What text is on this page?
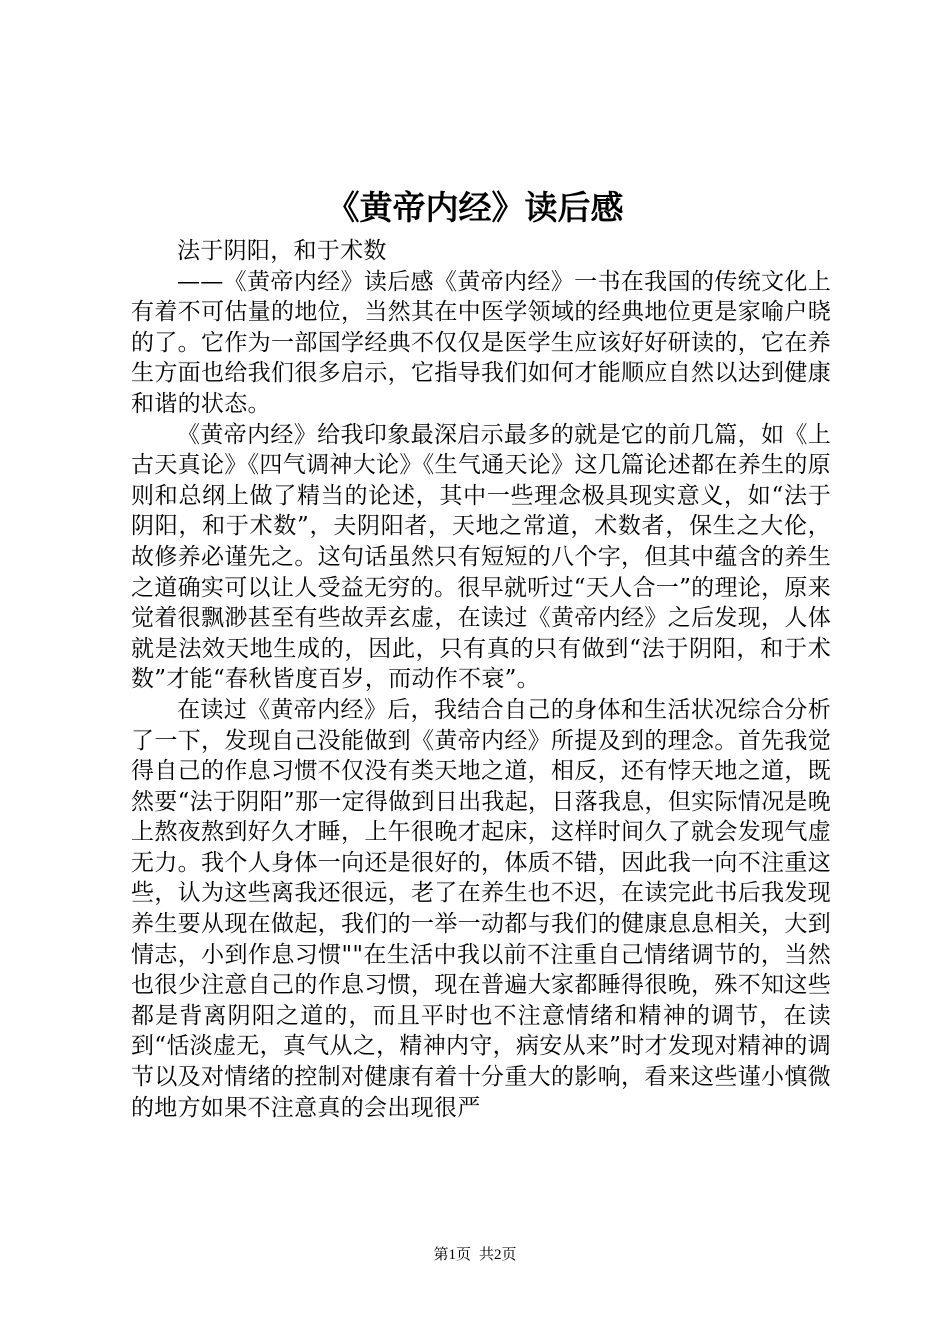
《黄帝内经》读后感

法于阴阳，和于术数

——《黄帝内经》读后感《黄帝内经》一书在我国的传统文化上有着不可估量的地位，当然其在中医学领域的经典地位更是家喻户晓的了。它作为一部国学经典不仅仅是医学生应该好好研读的，它在养生方面也给我们很多启示，它指导我们如何才能顺应自然以达到健康和谐的状态。

《黄帝内经》给我印象最深启示最多的就是它的前几篇，如《上古天真论》《四气调神大论》《生气通天论》这几篇论述都在养生的原则和总纲上做了精当的论述，其中一些理念极具现实意义，如“法于阴阳，和于术数”，夫阴阳者，天地之常道，术数者，保生之大伦，故修养必谨先之。这句话虽然只有短短的八个字，但其中蕴含的养生之道确实可以让人受益无穷的。很早就听过“天人合一”的理论，原来觉着很飘渺甚至有些故弄玄虚，在读过《黄帝内经》之后发现，人体就是法效天地生成的，因此，只有真的只有做到“法于阴阳，和于术数”才能“春秋皆度百岁，而动作不衰”。

在读过《黄帝内经》后，我结合自己的身体和生活状况综合分析了一下，发现自己没能做到《黄帝内经》所提及到的理念。首先我觉得自己的作息习惯不仅没有类天地之道，相反，还有悖天地之道，既然要“法于阴阳”那一定得做到日出我起，日落我息，但实际情况是晚上熬夜熬到好久才睡，上午很晚才起床，这样时间久了就会发现气虚无力。我个人身体一向还是很好的，体质不错，因此我一向不注重这些，认为这些离我还很远，老了在养生也不迟，在读完此书后我发现养生要从现在做起，我们的一举一动都与我们的健康息息相关，大到情志，小到作息习惯""在生活中我以前不注重自己情绪调节的，当然也很少注意自己的作息习惯，现在普遍大家都睡得很晚，殊不知这些都是背离阴阳之道的，而且平时也不注意情绪和精神的调节，在读到“恬淡虚无，真气从之，精神内守，病安从来”时才发现对精神的调节以及对情绪的控制对健康有着十分重大的影响，看来这些谨小慎微的地方如果不注意真的会出现很严

第1页 共2页
